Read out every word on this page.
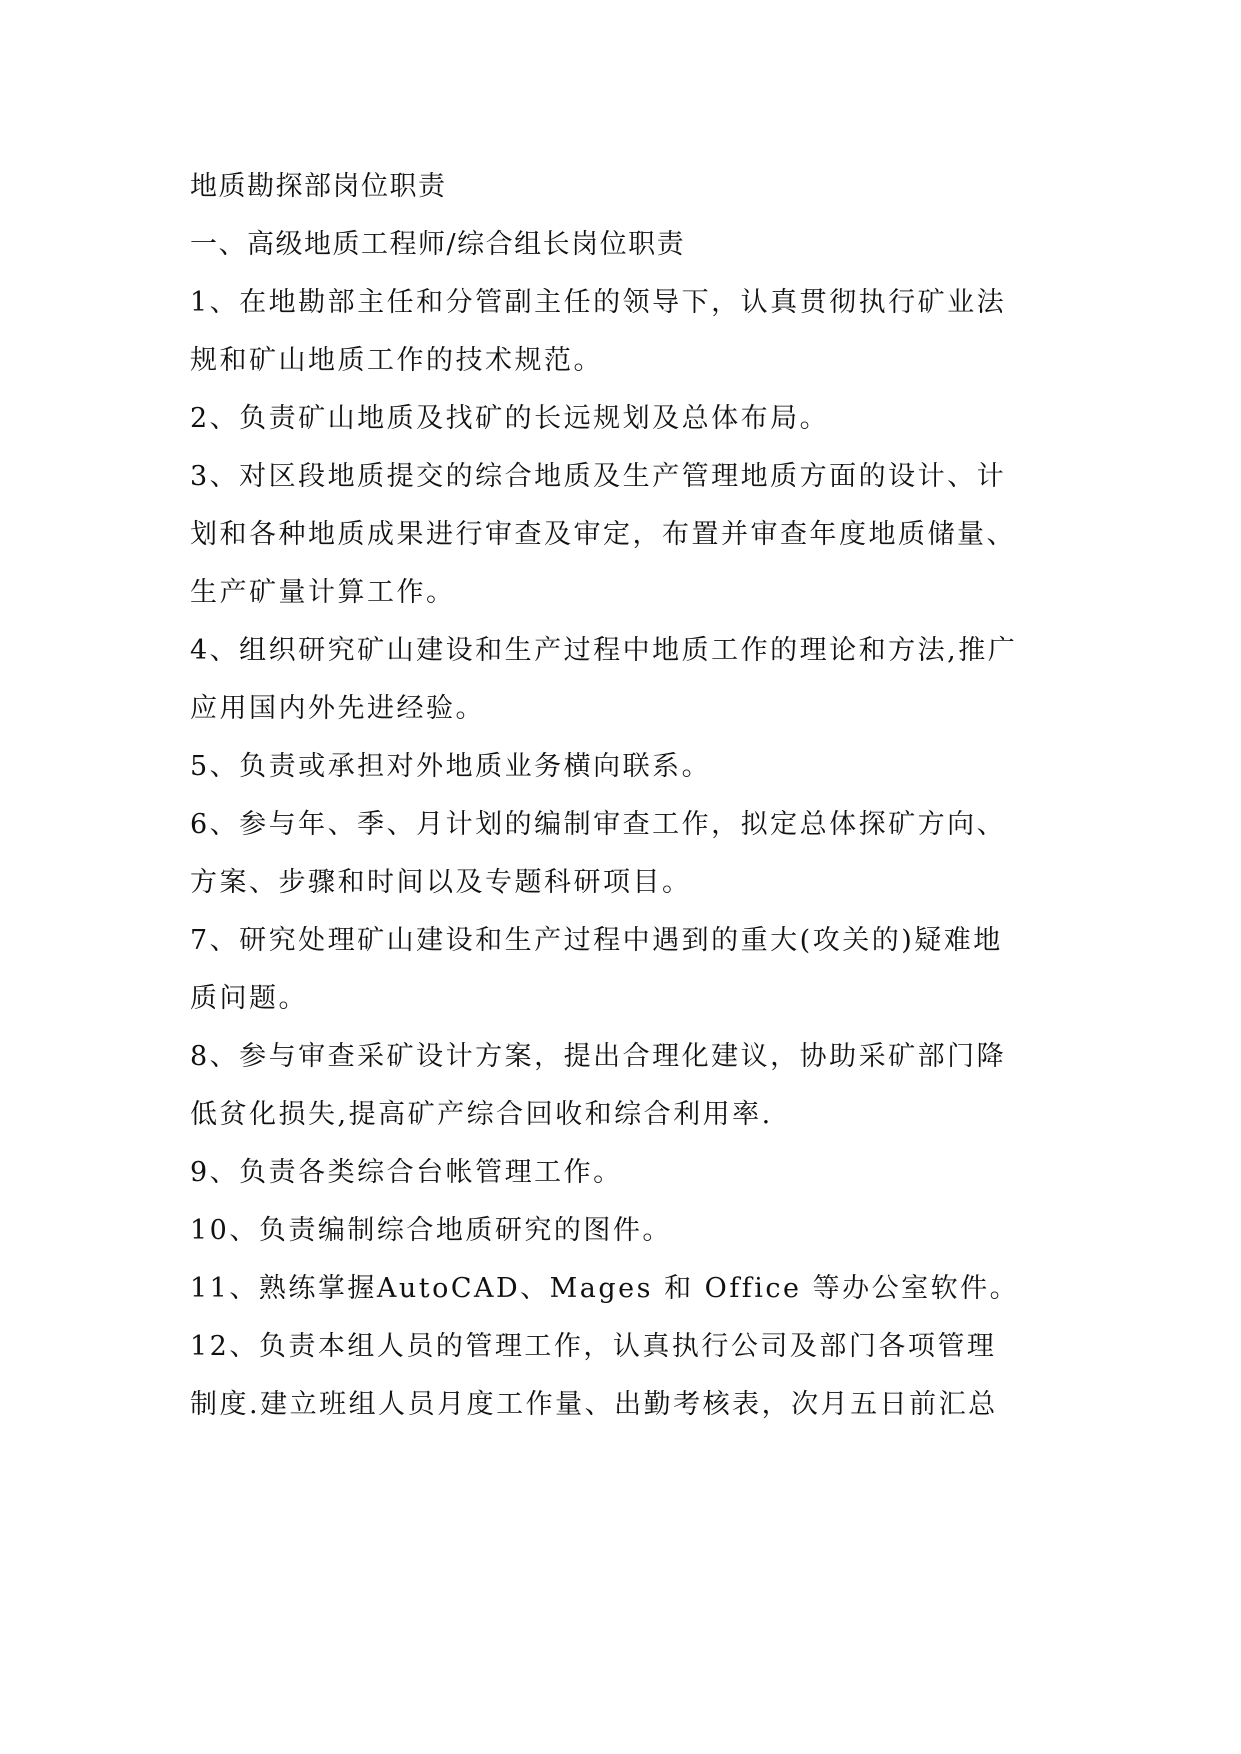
地质勘探部岗位职责
一、高级地质工程师/综合组长岗位职责
1、在地勘部主任和分管副主任的领导下，认真贯彻执行矿业法
规和矿山地质工作的技术规范。
2、负责矿山地质及找矿的长远规划及总体布局。
3、对区段地质提交的综合地质及生产管理地质方面的设计、计
划和各种地质成果进行审查及审定，布置并审查年度地质储量、
生产矿量计算工作。
4、组织研究矿山建设和生产过程中地质工作的理论和方法,推广
应用国内外先进经验。
5、负责或承担对外地质业务横向联系。
6、参与年、季、月计划的编制审查工作，拟定总体探矿方向、
方案、步骤和时间以及专题科研项目。
7、研究处理矿山建设和生产过程中遇到的重大(攻关的)疑难地
质问题。
8、参与审查采矿设计方案，提出合理化建议，协助采矿部门降
低贫化损失,提高矿产综合回收和综合利用率.
9、负责各类综合台帐管理工作。
10、负责编制综合地质研究的图件。
11、熟练掌握AutoCAD、Mages 和 Office 等办公室软件。
12、负责本组人员的管理工作，认真执行公司及部门各项管理
制度.建立班组人员月度工作量、出勤考核表，次月五日前汇总
